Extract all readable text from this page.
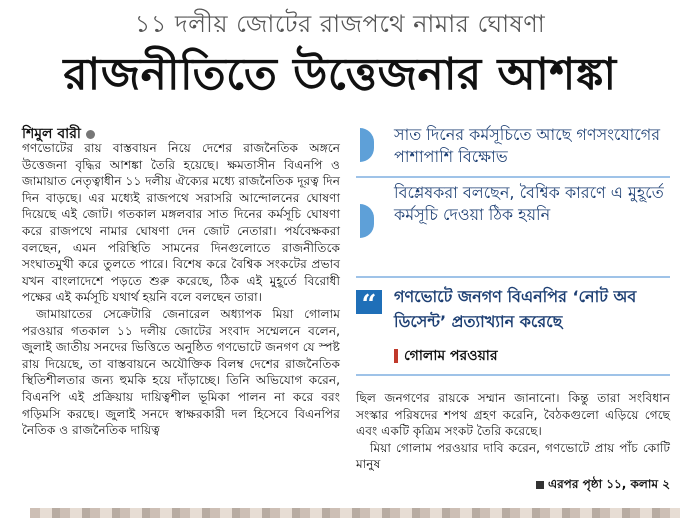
১১ দলীয় জোটের রাজপথে নামার ঘোষণা
রাজনীতিতে উত্তেজনার আশঙ্কা
শিমুল বারী

গণভোটের রায় বাস্তবায়ন নিয়ে দেশের রাজনৈতিক অঙ্গনে উত্তেজনা বৃদ্ধির আশঙ্কা তৈরি হয়েছে। ক্ষমতাসীন বিএনপি ও জামায়াত নেতৃত্বাধীন ১১ দলীয় ঐক্যের মধ্যে রাজনৈতিক দূরত্ব দিন দিন বাড়ছে। এর মধ্যেই রাজপথে সরাসরি আন্দোলনের ঘোষণা দিয়েছে এই জোট। গতকাল মঙ্গলবার সাত দিনের কর্মসূচি ঘোষণা করে রাজপথে নামার ঘোষণা দেন জোট নেতারা। পর্যবেক্ষকরা বলছেন, এমন পরিস্থিতি সামনের দিনগুলোতে রাজনীতিকে সংঘাতমুখী করে তুলতে পারে। বিশেষ করে বৈশ্বিক সংকটের প্রভাব যখন বাংলাদেশে পড়তে শুরু করেছে, ঠিক এই মুহূর্তে বিরোধী পক্ষের এই কর্মসূচি যথার্থ হয়নি বলে বলছেন তারা।

জামায়াতের সেক্রেটারি জেনারেল অধ্যাপক মিয়া গোলাম পরওয়ার গতকাল ১১ দলীয় জোটের সংবাদ সম্মেলনে বলেন, জুলাই জাতীয় সনদের ভিত্তিতে অনুষ্ঠিত গণভোটে জনগণ যে স্পষ্ট রায় দিয়েছে, তা বাস্তবায়নে অযৌক্তিক বিলম্ব দেশের রাজনৈতিক স্থিতিশীলতার জন্য হুমকি হয়ে দাঁড়াচ্ছে। তিনি অভিযোগ করেন, বিএনপি এই প্রক্রিয়ায় দায়িত্বশীল ভূমিকা পালন না করে বরং গড়িমসি করছে। জুলাই সনদে স্বাক্ষরকারী দল হিসেবে বিএনপির নৈতিক ও রাজনৈতিক দায়িত্ব

সাত দিনের কর্মসূচিতে আছে গণসংযোগের পাশাপাশি বিক্ষোভ
বিশ্লেষকরা বলছেন, বৈশ্বিক কারণে এ মুহূর্তে কর্মসূচি দেওয়া ঠিক হয়নি
“	গণভোটে জনগণ বিএনপির ‘নোট অব ডিসেন্ট’ প্রত্যাখ্যান করেছে
গোলাম পরওয়ার

ছিল জনগণের রায়কে সম্মান জানানো। কিন্তু তারা সংবিধান সংস্কার পরিষদের শপথ গ্রহণ করেনি, বৈঠকগুলো এড়িয়ে গেছে এবং একটি কৃত্রিম সংকট তৈরি করেছে।

মিয়া গোলাম পরওয়ার দাবি করেন, গণভোটে প্রায় পাঁচ কোটি মানুষ

এরপর পৃষ্ঠা ১১, কলাম ২
